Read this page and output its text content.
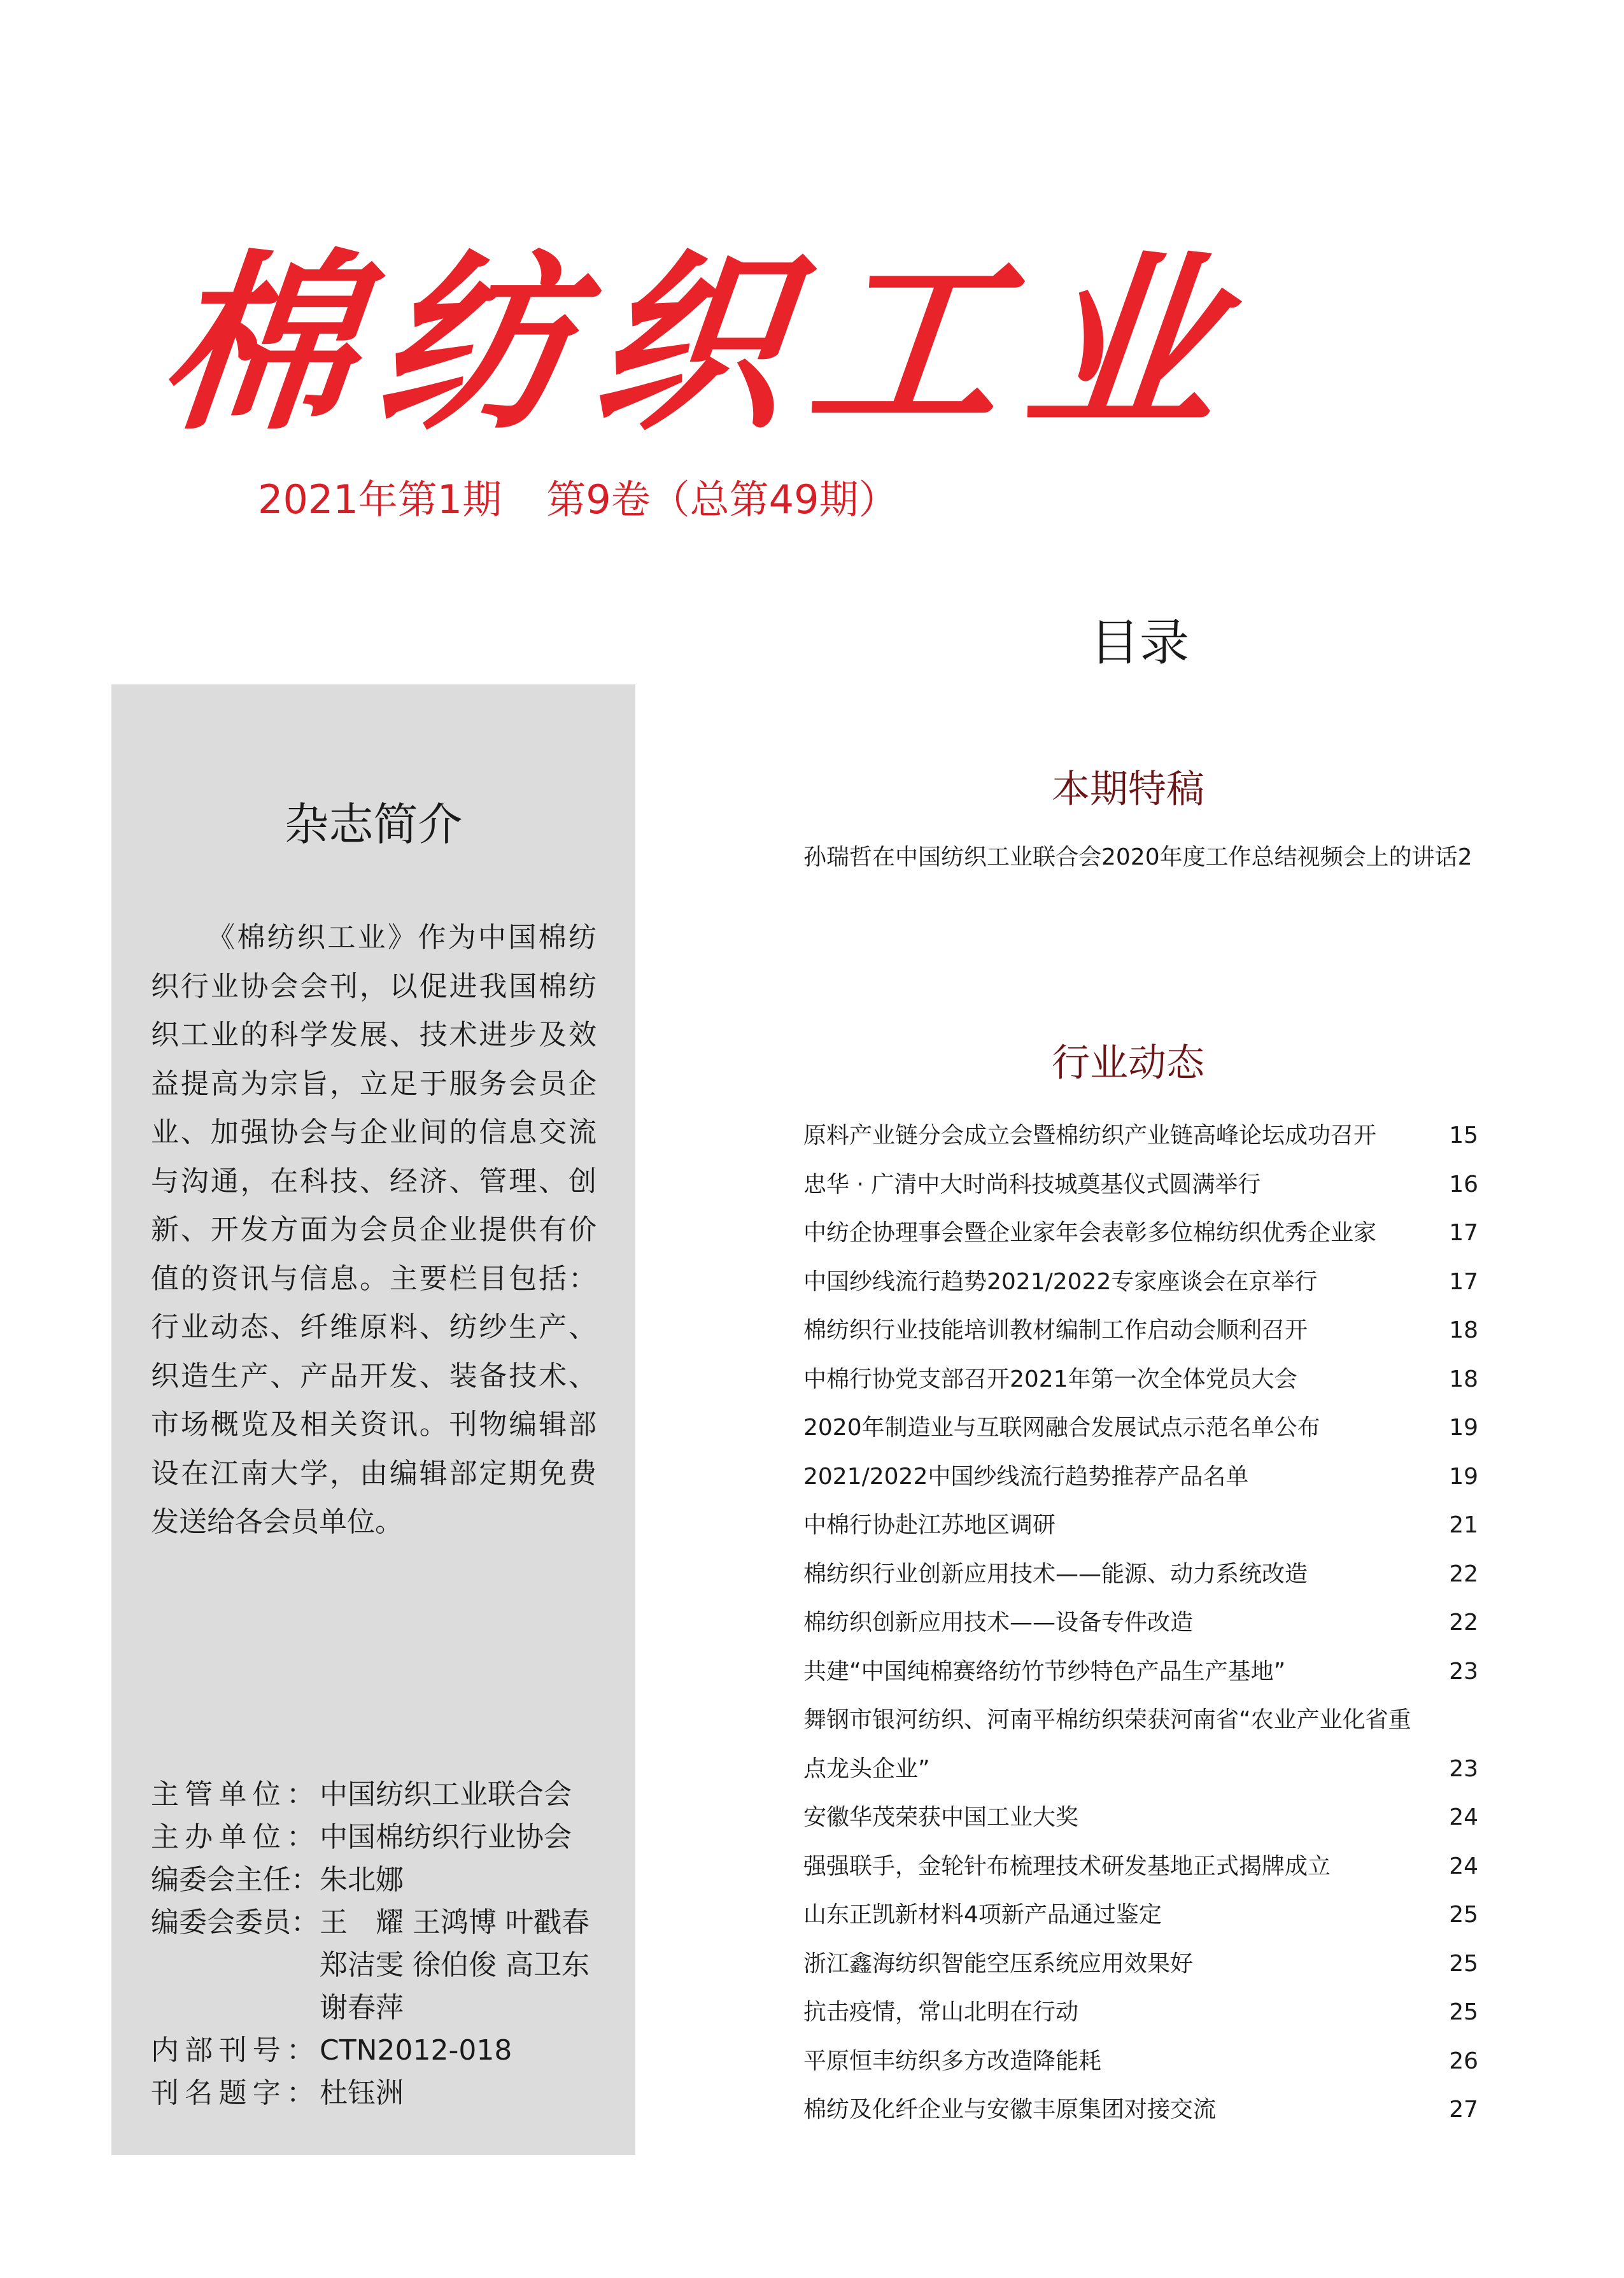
棉纺织工业
2021年第1期 第9卷（总第49期）
目录
杂志简介
《棉纺织工业》作为中国棉纺织行业协会会刊，以促进我国棉纺织工业的科学发展、技术进步及效益提高为宗旨，立足于服务会员企业、加强协会与企业间的信息交流与沟通，在科技、经济、管理、创新、开发方面为会员企业提供有价值的资讯与信息。主要栏目包括：行业动态、纤维原料、纺纱生产、织造生产、产品开发、装备技术、市场概览及相关资讯。刊物编辑部设在江南大学，由编辑部定期免费发送给各会员单位。
主管单位： 中国纺织工业联合会
主办单位： 中国棉纺织行业协会
编委会主任： 朱北娜
编委会委员： 王　耀 王鸿博 叶戳春
郑洁雯 徐伯俊 高卫东
谢春萍
内部刊号： CTN2012-018
刊名题字： 杜钰洲
本期特稿
孙瑞哲在中国纺织工业联合会2020年度工作总结视频会上的讲话2
行业动态
原料产业链分会成立会暨棉纺织产业链高峰论坛成功召开	15
忠华 · 广清中大时尚科技城奠基仪式圆满举行	16
中纺企协理事会暨企业家年会表彰多位棉纺织优秀企业家	17
中国纱线流行趋势2021/2022专家座谈会在京举行	17
棉纺织行业技能培训教材编制工作启动会顺利召开	18
中棉行协党支部召开2021年第一次全体党员大会	18
2020年制造业与互联网融合发展试点示范名单公布	19
2021/2022中国纱线流行趋势推荐产品名单	19
中棉行协赴江苏地区调研	21
棉纺织行业创新应用技术——能源、动力系统改造	22
棉纺织创新应用技术——设备专件改造	22
共建“中国纯棉赛络纺竹节纱特色产品生产基地”	23
舞钢市银河纺织、河南平棉纺织荣获河南省“农业产业化省重
点龙头企业”	23
安徽华茂荣获中国工业大奖	24
强强联手，金轮针布梳理技术研发基地正式揭牌成立	24
山东正凯新材料4项新产品通过鉴定	25
浙江鑫海纺织智能空压系统应用效果好	25
抗击疫情，常山北明在行动	25
平原恒丰纺织多方改造降能耗	26
棉纺及化纤企业与安徽丰原集团对接交流	27
